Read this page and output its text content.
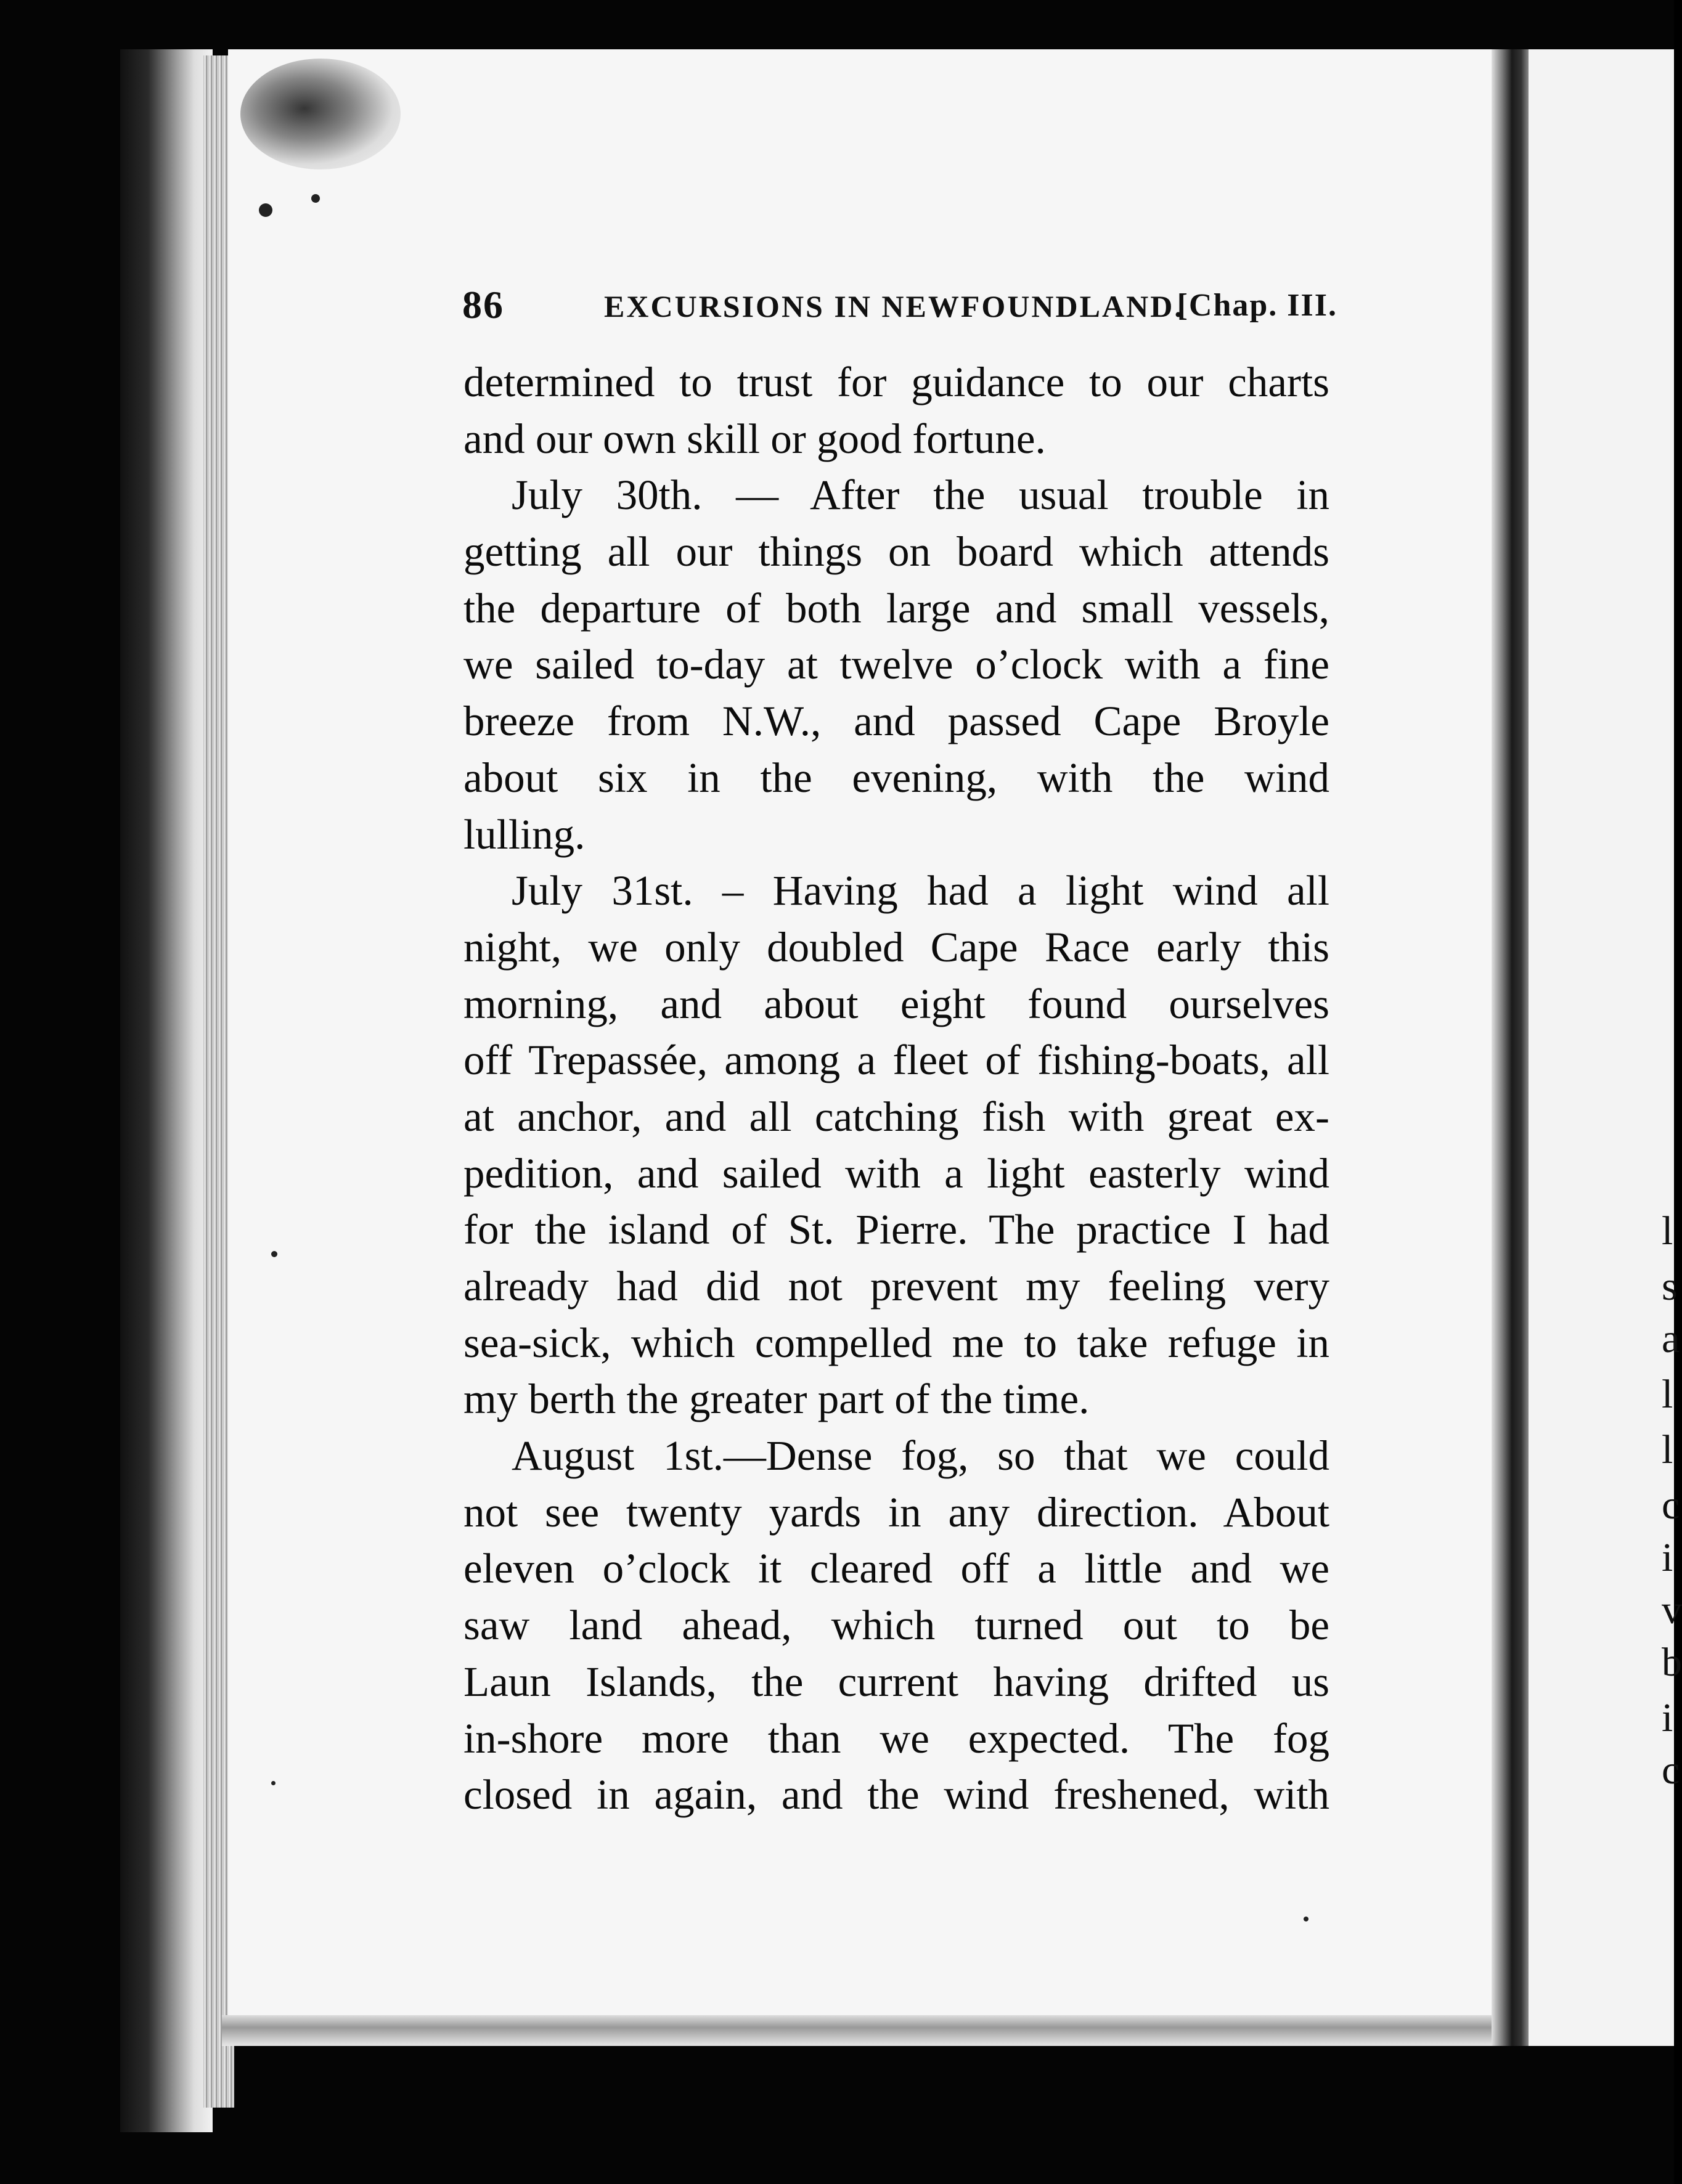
l
s
a
l
l
c
i
v
b
i
c
86	EXCURSIONS IN NEWFOUNDLAND.
[Chap. III.
determined to trust for guidance to our charts
and our own skill or good fortune.
July 30th. — After the usual trouble in
getting all our things on board which attends
the departure of both large and small vessels,
we sailed to-day at twelve o’clock with a fine
breeze from N.W., and passed Cape Broyle
about six in the evening, with the wind
lulling.
July 31st. – Having had a light wind all
night, we only doubled Cape Race early this
morning, and about eight found ourselves
off Trepassée, among a fleet of fishing-boats, all
at anchor, and all catching fish with great ex-
pedition, and sailed with a light easterly wind
for the island of St. Pierre. The practice I had
already had did not prevent my feeling very
sea-sick, which compelled me to take refuge in
my berth the greater part of the time.
August 1st.—Dense fog, so that we could
not see twenty yards in any direction. About
eleven o’clock it cleared off a little and we
saw land ahead, which turned out to be
Laun Islands, the current having drifted us
in-shore more than we expected. The fog
closed in again, and the wind freshened, with
